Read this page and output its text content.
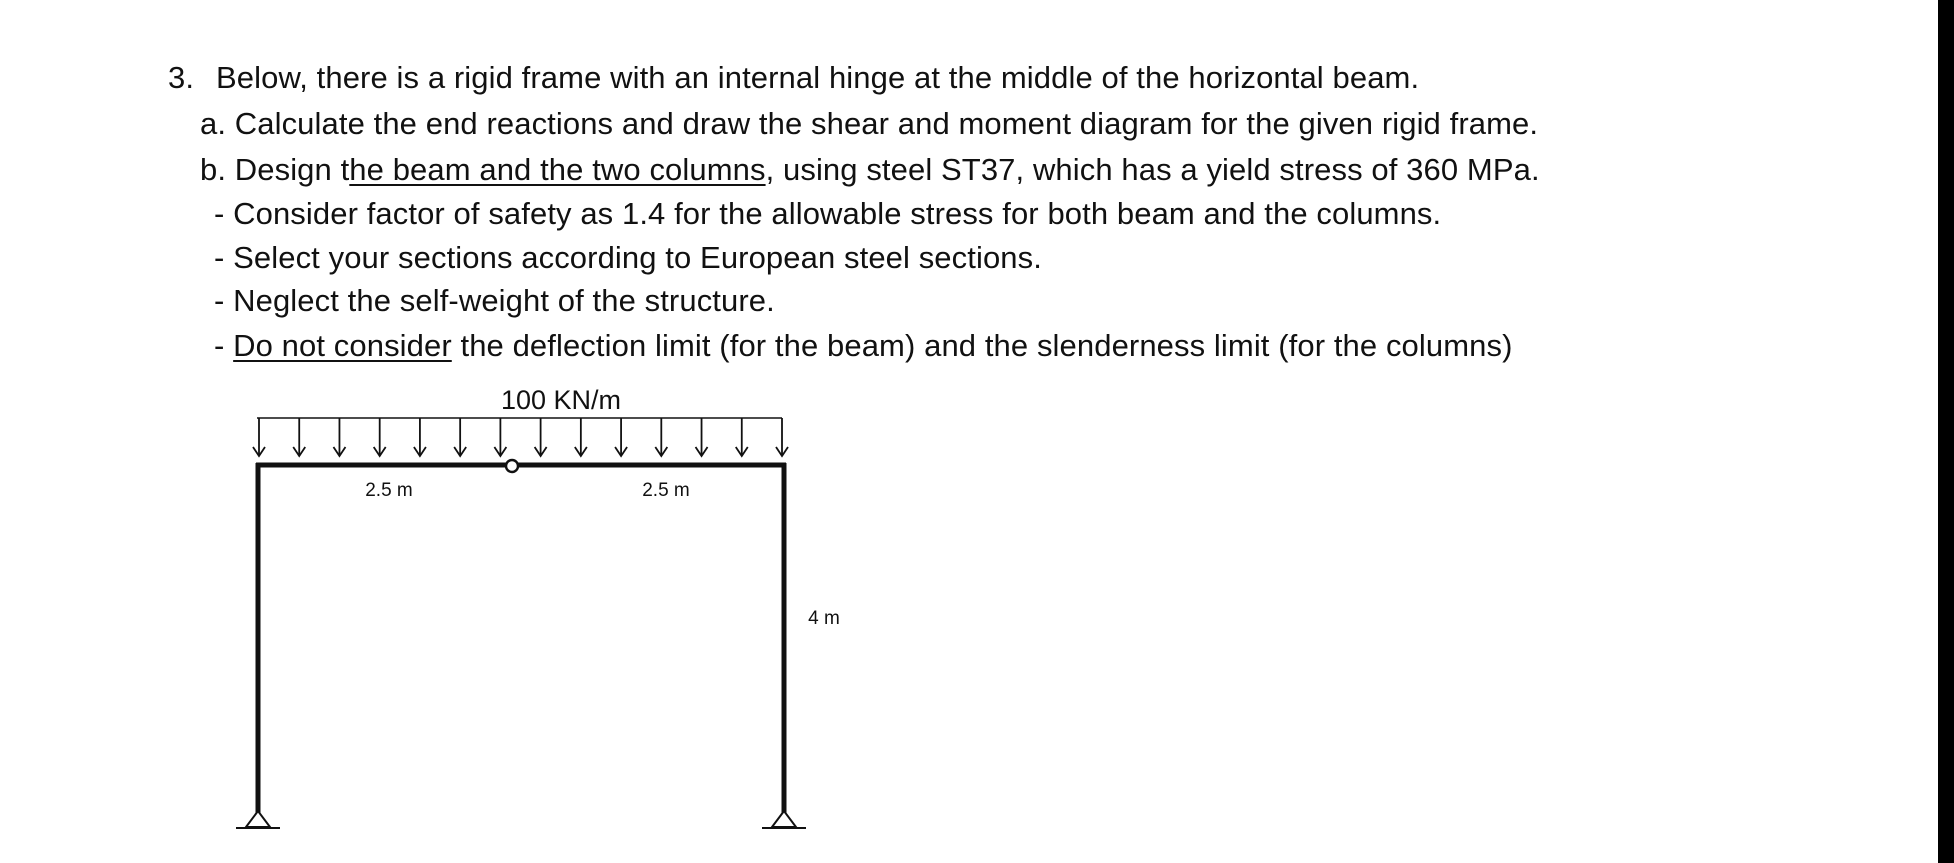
3. Below, there is a rigid frame with an internal hinge at the middle of the horizontal beam.
a. Calculate the end reactions and draw the shear and moment diagram for the given rigid frame.
b. Design the beam and the two columns, using steel ST37, which has a yield stress of 360 MPa.
- Consider factor of safety as 1.4 for the allowable stress for both beam and the columns.
- Select your sections according to European steel sections.
- Neglect the self-weight of the structure.
- Do not consider the deflection limit (for the beam) and the slenderness limit (for the columns)
100 KN/m
2.5 m	2.5 m
4 m
